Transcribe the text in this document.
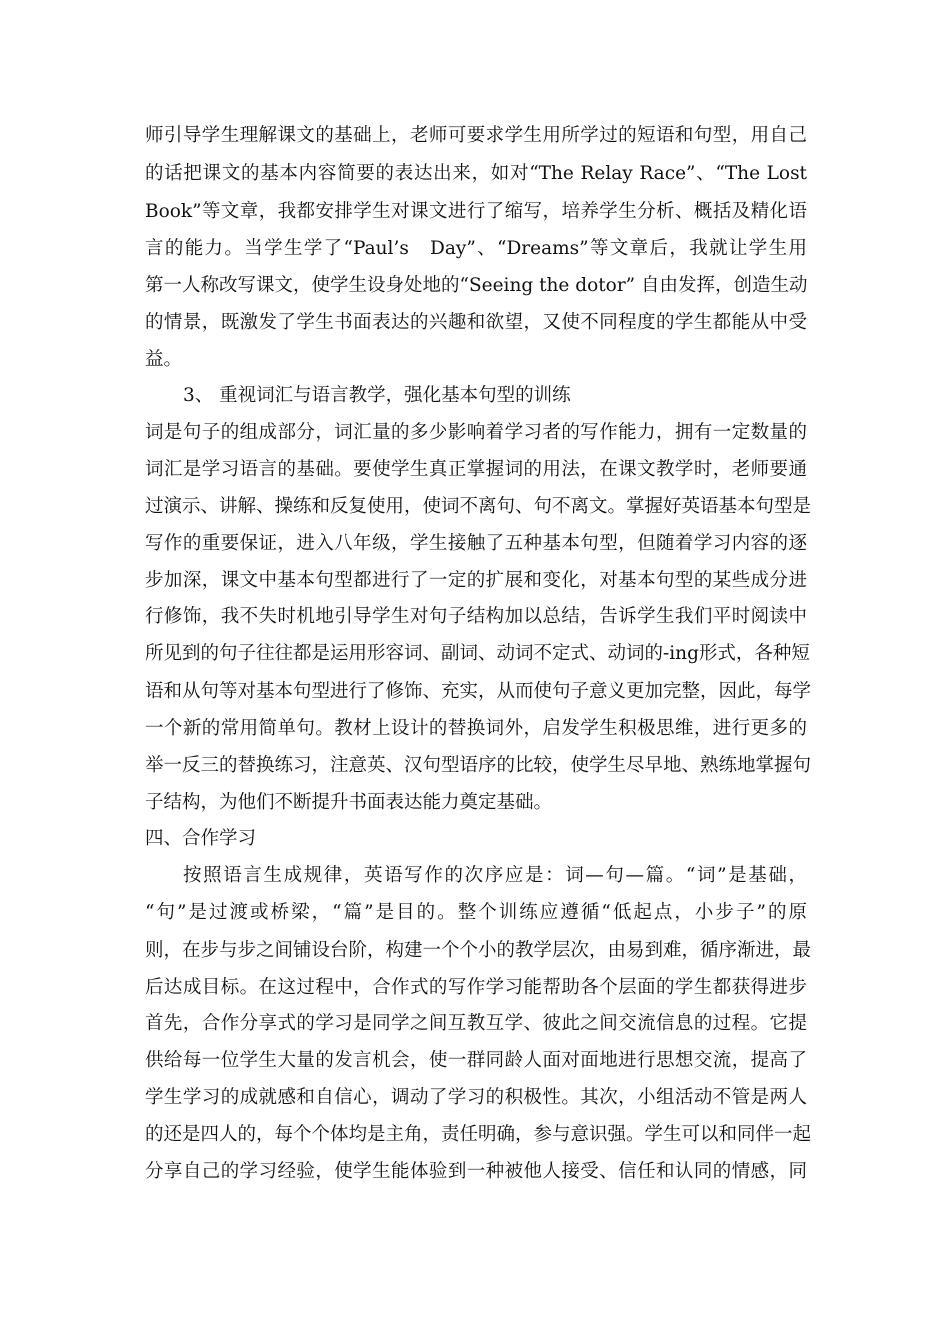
师引导学生理解课文的基础上，老师可要求学生用所学过的短语和句型，用自己

的话把课文的基本内容简要的表达出来，如对“The Relay Race”、“The Lost

Book”等文章，我都安排学生对课文进行了缩写，培养学生分析、概括及精化语

言的能力。当学生学了“Paul’s　Day”、“Dreams”等文章后，我就让学生用

第一人称改写课文，使学生设身处地的“Seeing the dotor” 自由发挥，创造生动

的情景，既激发了学生书面表达的兴趣和欲望，又使不同程度的学生都能从中受

益。

3、 重视词汇与语言教学，强化基本句型的训练

词是句子的组成部分，词汇量的多少影响着学习者的写作能力，拥有一定数量的

词汇是学习语言的基础。要使学生真正掌握词的用法，在课文教学时，老师要通

过演示、讲解、操练和反复使用，使词不离句、句不离文。掌握好英语基本句型是

写作的重要保证，进入八年级，学生接触了五种基本句型，但随着学习内容的逐

步加深，课文中基本句型都进行了一定的扩展和变化，对基本句型的某些成分进

行修饰，我不失时机地引导学生对句子结构加以总结，告诉学生我们平时阅读中

所见到的句子往往都是运用形容词、副词、动词不定式、动词的-ing形式，各种短

语和从句等对基本句型进行了修饰、充实，从而使句子意义更加完整，因此，每学

一个新的常用简单句。教材上设计的替换词外，启发学生积极思维，进行更多的

举一反三的替换练习，注意英、汉句型语序的比较，使学生尽早地、熟练地掌握句

子结构，为他们不断提升书面表达能力奠定基础。

四、合作学习

按照语言生成规律，英语写作的次序应是：词—句—篇。“词”是基础，

“句”是过渡或桥梁，“篇”是目的。整个训练应遵循“低起点，小步子”的原

则，在步与步之间铺设台阶，构建一个个小的教学层次，由易到难，循序渐进，最

后达成目标。在这过程中，合作式的写作学习能帮助各个层面的学生都获得进步

首先，合作分享式的学习是同学之间互教互学、彼此之间交流信息的过程。它提

供给每一位学生大量的发言机会，使一群同龄人面对面地进行思想交流，提高了

学生学习的成就感和自信心，调动了学习的积极性。其次，小组活动不管是两人

的还是四人的，每个个体均是主角，责任明确，参与意识强。学生可以和同伴一起

分享自己的学习经验，使学生能体验到一种被他人接受、信任和认同的情感，同
